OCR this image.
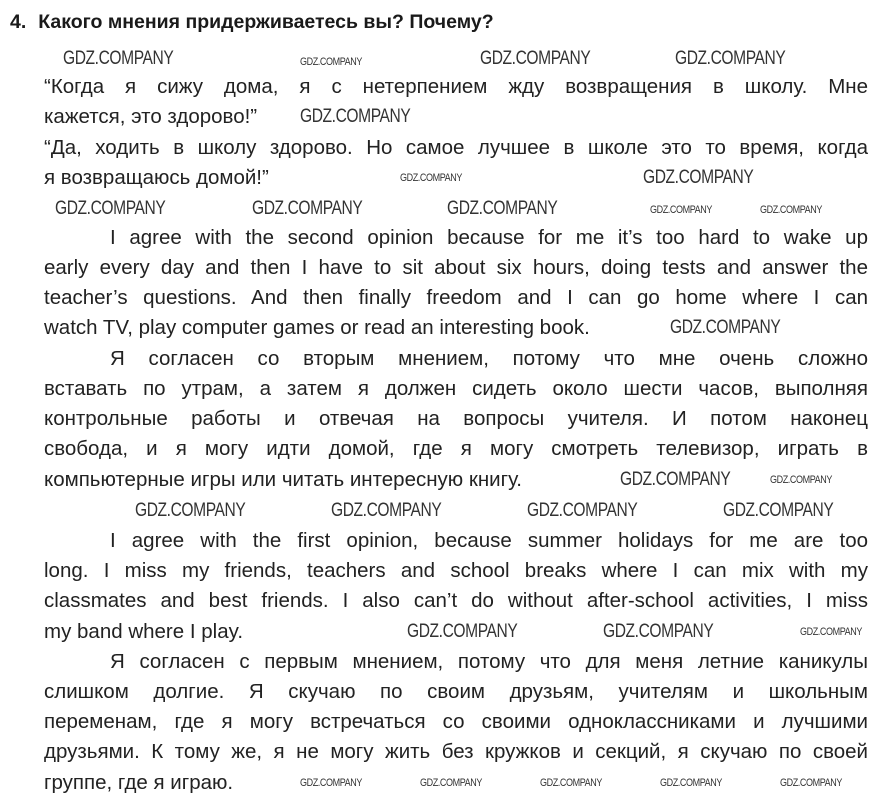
4. Какого мнения придерживаетесь вы? Почему?
“Когда я сижу дома, я с нетерпением жду возвращения в школу. Мне
кажется, это здорово!”
“Да, ходить в школу здорово. Но самое лучшее в школе это то время, когда
я возвращаюсь домой!”
I agree with the second opinion because for me it’s too hard to wake up
early every day and then I have to sit about six hours, doing tests and answer the
teacher’s questions. And then finally freedom and I can go home where I can
watch TV, play computer games or read an interesting book.
Я согласен со вторым мнением, потому что мне очень сложно
вставать по утрам, а затем я должен сидеть около шести часов, выполняя
контрольные работы и отвечая на вопросы учителя. И потом наконец
свобода, и я могу идти домой, где я могу смотреть телевизор, играть в
компьютерные игры или читать интересную книгу.
I agree with the first opinion, because summer holidays for me are too
long. I miss my friends, teachers and school breaks where I can mix with my
classmates and best friends. I also can’t do without after-school activities, I miss
my band where I play.
Я согласен с первым мнением, потому что для меня летние каникулы
слишком долгие. Я скучаю по своим друзьям, учителям и школьным
переменам, где я могу встречаться со своими одноклассниками и лучшими
друзьями. К тому же, я не могу жить без кружков и секций, я скучаю по своей
группе, где я играю.
GDZ.COMPANY	GDZ.COMPANY	GDZ.COMPANY	GDZ.COMPANY
GDZ.COMPANY
GDZ.COMPANY	GDZ.COMPANY
GDZ.COMPANY	GDZ.COMPANY	GDZ.COMPANY	GDZ.COMPANY	GDZ.COMPANY
GDZ.COMPANY
GDZ.COMPANY	GDZ.COMPANY
GDZ.COMPANY	GDZ.COMPANY	GDZ.COMPANY	GDZ.COMPANY
GDZ.COMPANY	GDZ.COMPANY	GDZ.COMPANY
GDZ.COMPANY	GDZ.COMPANY	GDZ.COMPANY	GDZ.COMPANY	GDZ.COMPANY
